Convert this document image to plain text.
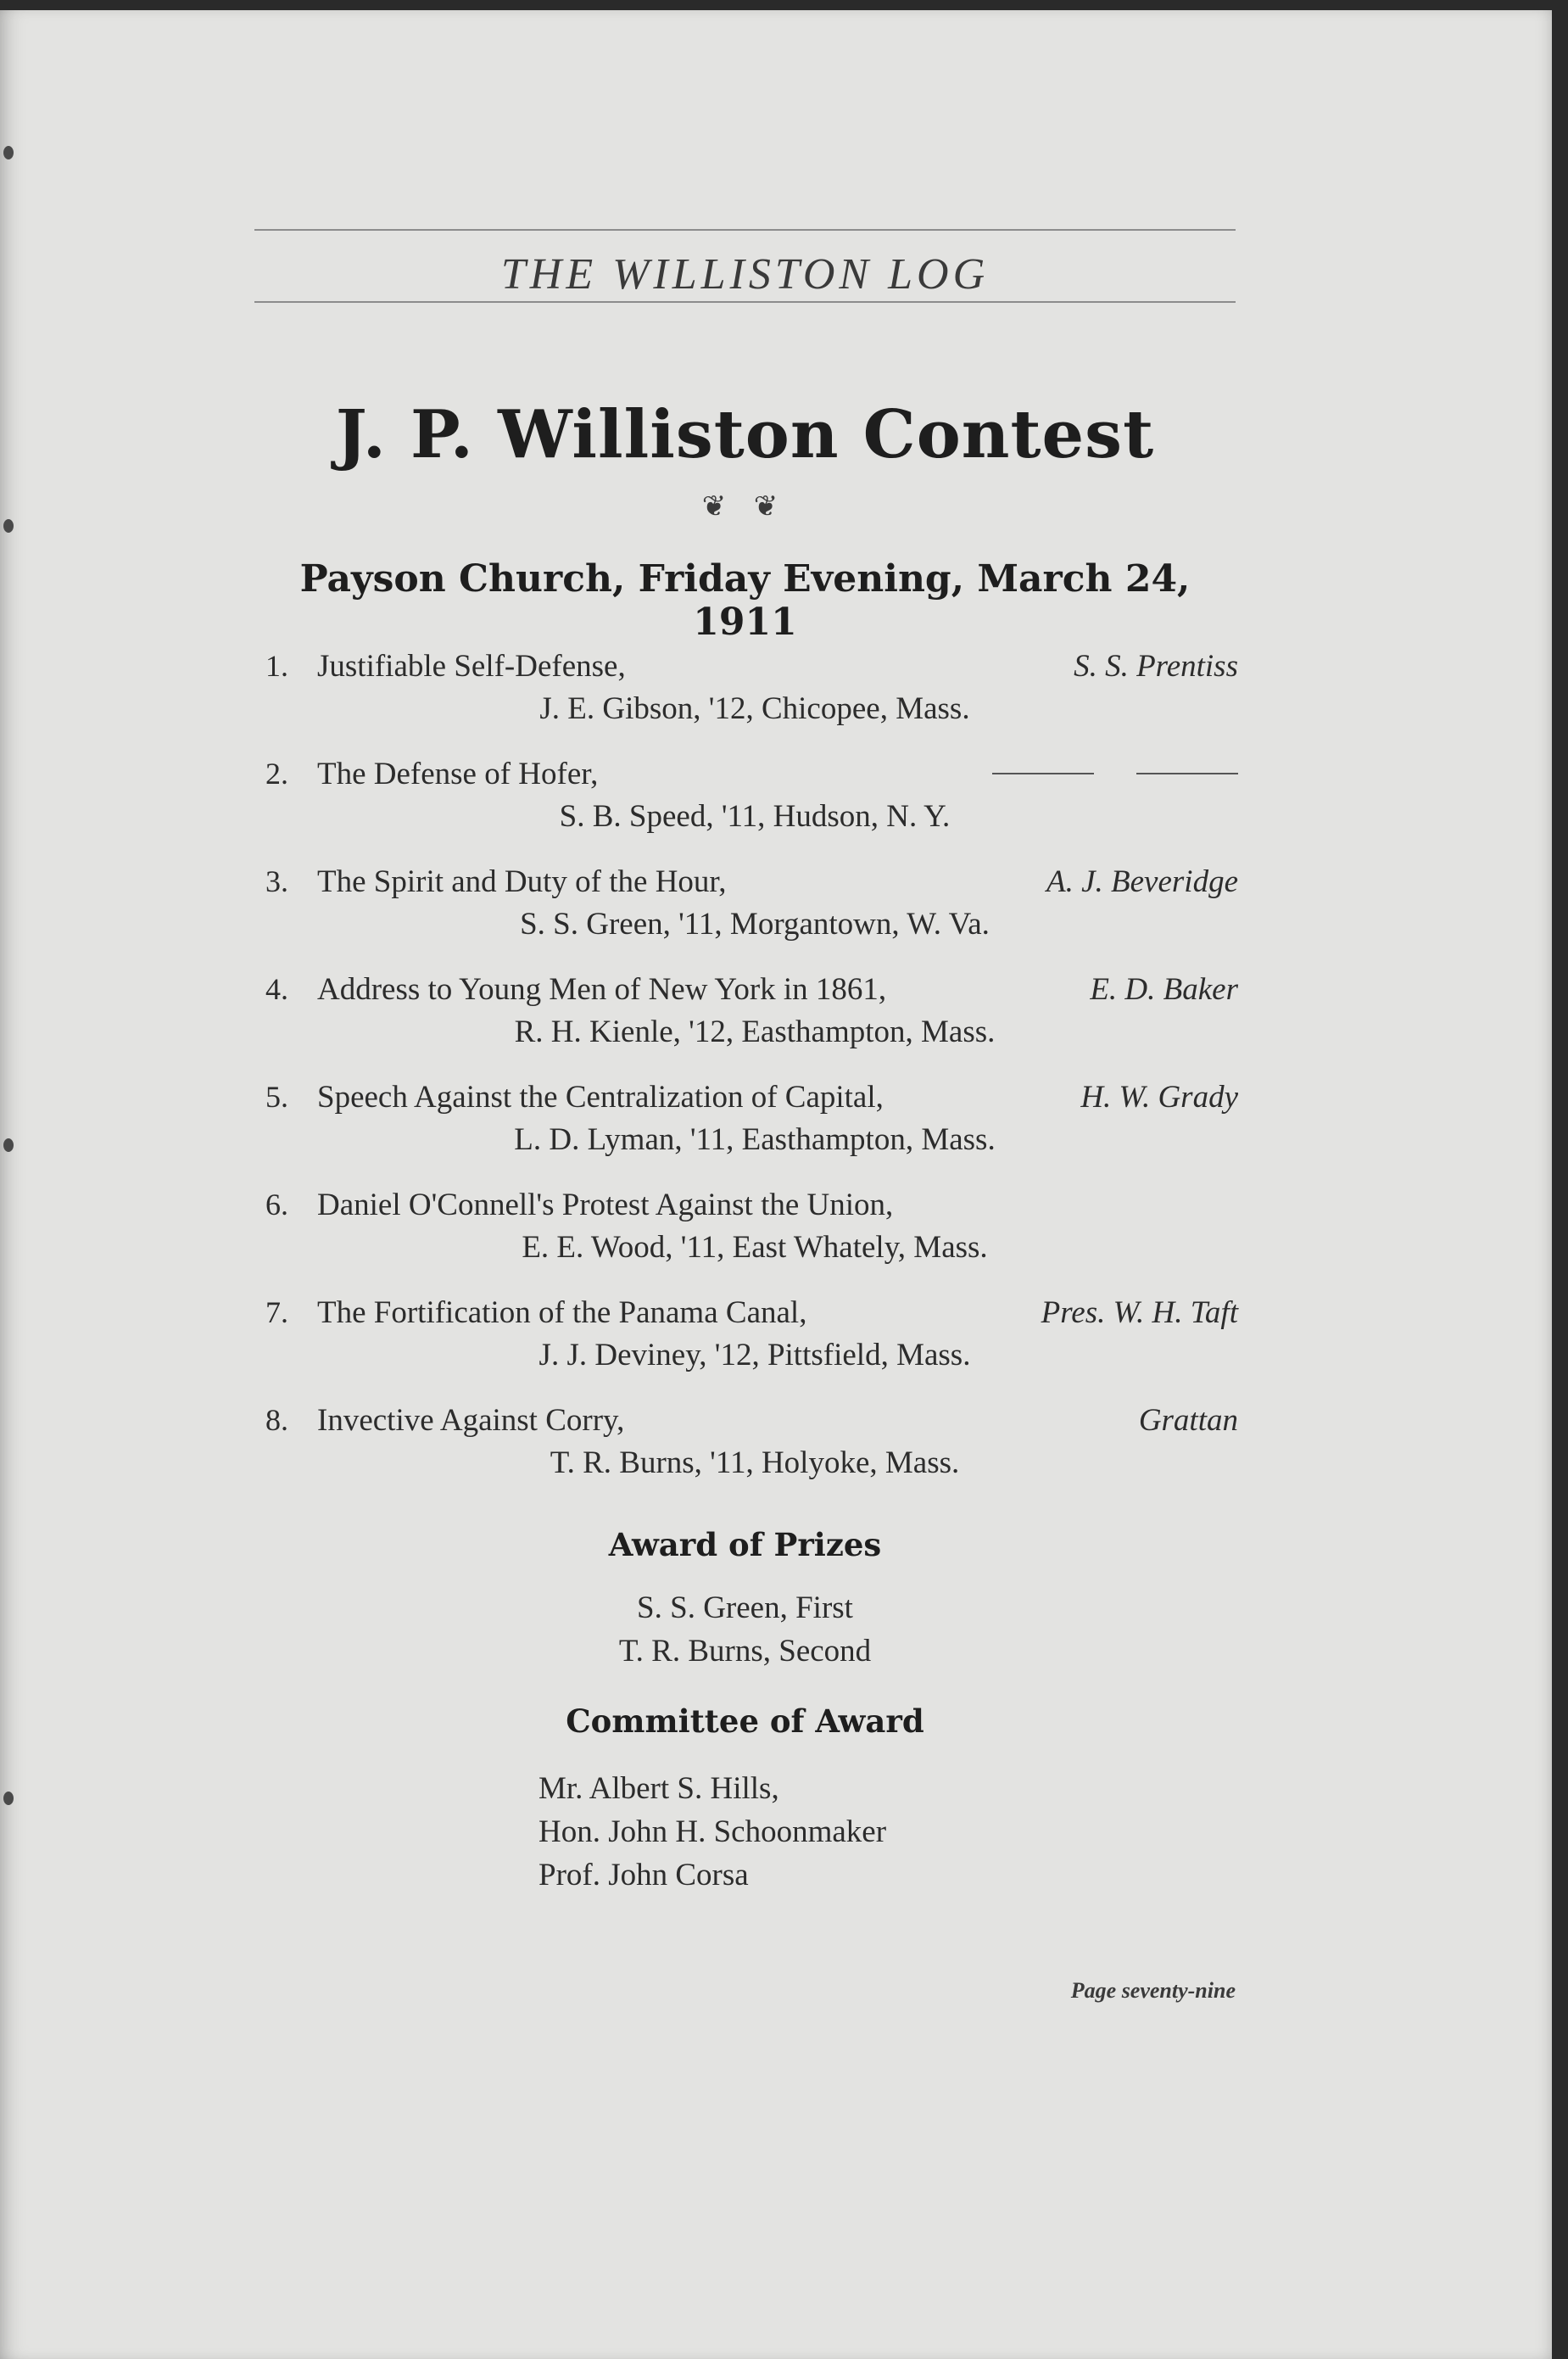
THE WILLISTON LOG
J. P. Williston Contest
❦ ❦
Payson Church, Friday Evening, March 24, 1911
1. Justifiable Self-Defense,	S. S. Prentiss
J. E. Gibson, '12, Chicopee, Mass.
2. The Defense of Hofer,
S. B. Speed, '11, Hudson, N. Y.
3. The Spirit and Duty of the Hour,	A. J. Beveridge
S. S. Green, '11, Morgantown, W. Va.
4. Address to Young Men of New York in 1861,	E. D. Baker
R. H. Kienle, '12, Easthampton, Mass.
5. Speech Against the Centralization of Capital,	H. W. Grady
L. D. Lyman, '11, Easthampton, Mass.
6. Daniel O'Connell's Protest Against the Union,
E. E. Wood, '11, East Whately, Mass.
7. The Fortification of the Panama Canal,	Pres. W. H. Taft
J. J. Deviney, '12, Pittsfield, Mass.
8. Invective Against Corry,	Grattan
T. R. Burns, '11, Holyoke, Mass.
Award of Prizes
S. S. Green, First
T. R. Burns, Second
Committee of Award
Mr. Albert S. Hills,
Hon. John H. Schoonmaker
Prof. John Corsa
Page seventy-nine
